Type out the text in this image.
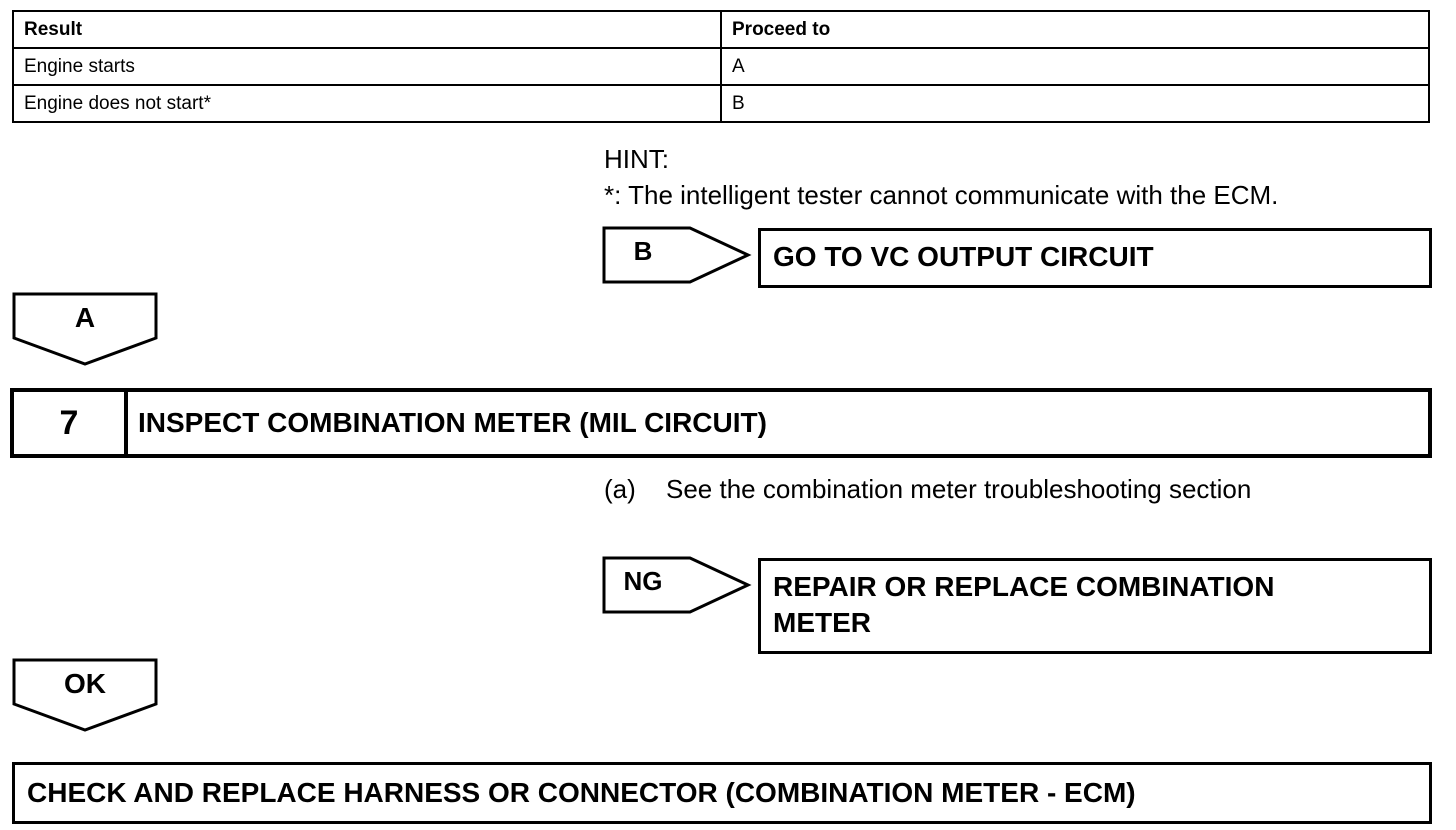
Result	Proceed to
Engine starts	A
Engine does not start*	B
HINT:
*: The intelligent tester cannot communicate with the ECM.
B	GO TO VC OUTPUT CIRCUIT
A
7	INSPECT COMBINATION METER (MIL CIRCUIT)
(a) See the combination meter troubleshooting section
NG	REPAIR OR REPLACE COMBINATION
METER
OK
CHECK AND REPLACE HARNESS OR CONNECTOR (COMBINATION METER - ECM)
